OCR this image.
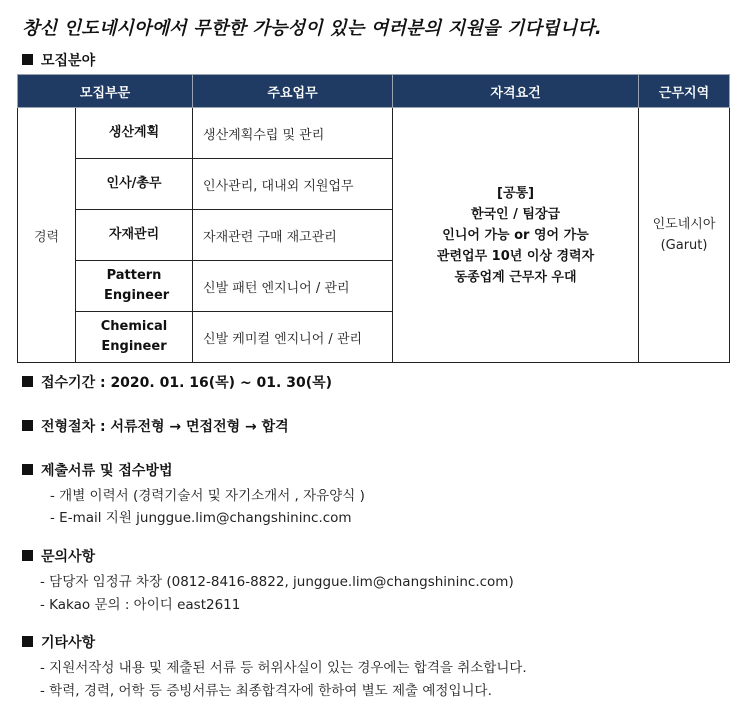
창신 인도네시아에서 무한한 가능성이 있는 여러분의 지원을 기다립니다.
모집분야
모집부문		주요업무	자격요건	근무지역
경력	생산계획	생산계획수립 및 관리	[공통]
한국인 / 팀장급
인니어 가능 or 영어 가능
관련업무 10년 이상 경력자
동종업계 근무자 우대	인도네시아
(Garut)

	인사/총무	인사관리, 대내외 지원업무		
	자재관리	자재관련 구매 재고관리		
	Pattern Engineer	신발 패턴 엔지니어 / 관리		
	Chemical Engineer	신발 케미컬 엔지니어 / 관리		
접수기간 : 2020. 01. 16(목) ~ 01. 30(목)
전형절차 : 서류전형 → 면접전형 → 합격
제출서류 및 접수방법
- 개별 이력서 (경력기술서 및 자기소개서 , 자유양식 )
- E-mail 지원 junggue.lim@changshininc.com
문의사항
- 담당자 임정규 차장 (0812-8416-8822, junggue.lim@changshininc.com)
- Kakao 문의 : 아이디 east2611
기타사항
- 지원서작성 내용 및 제출된 서류 등 허위사실이 있는 경우에는 합격을 취소합니다.
- 학력, 경력, 어학 등 증빙서류는 최종합격자에 한하여 별도 제출 예정입니다.
